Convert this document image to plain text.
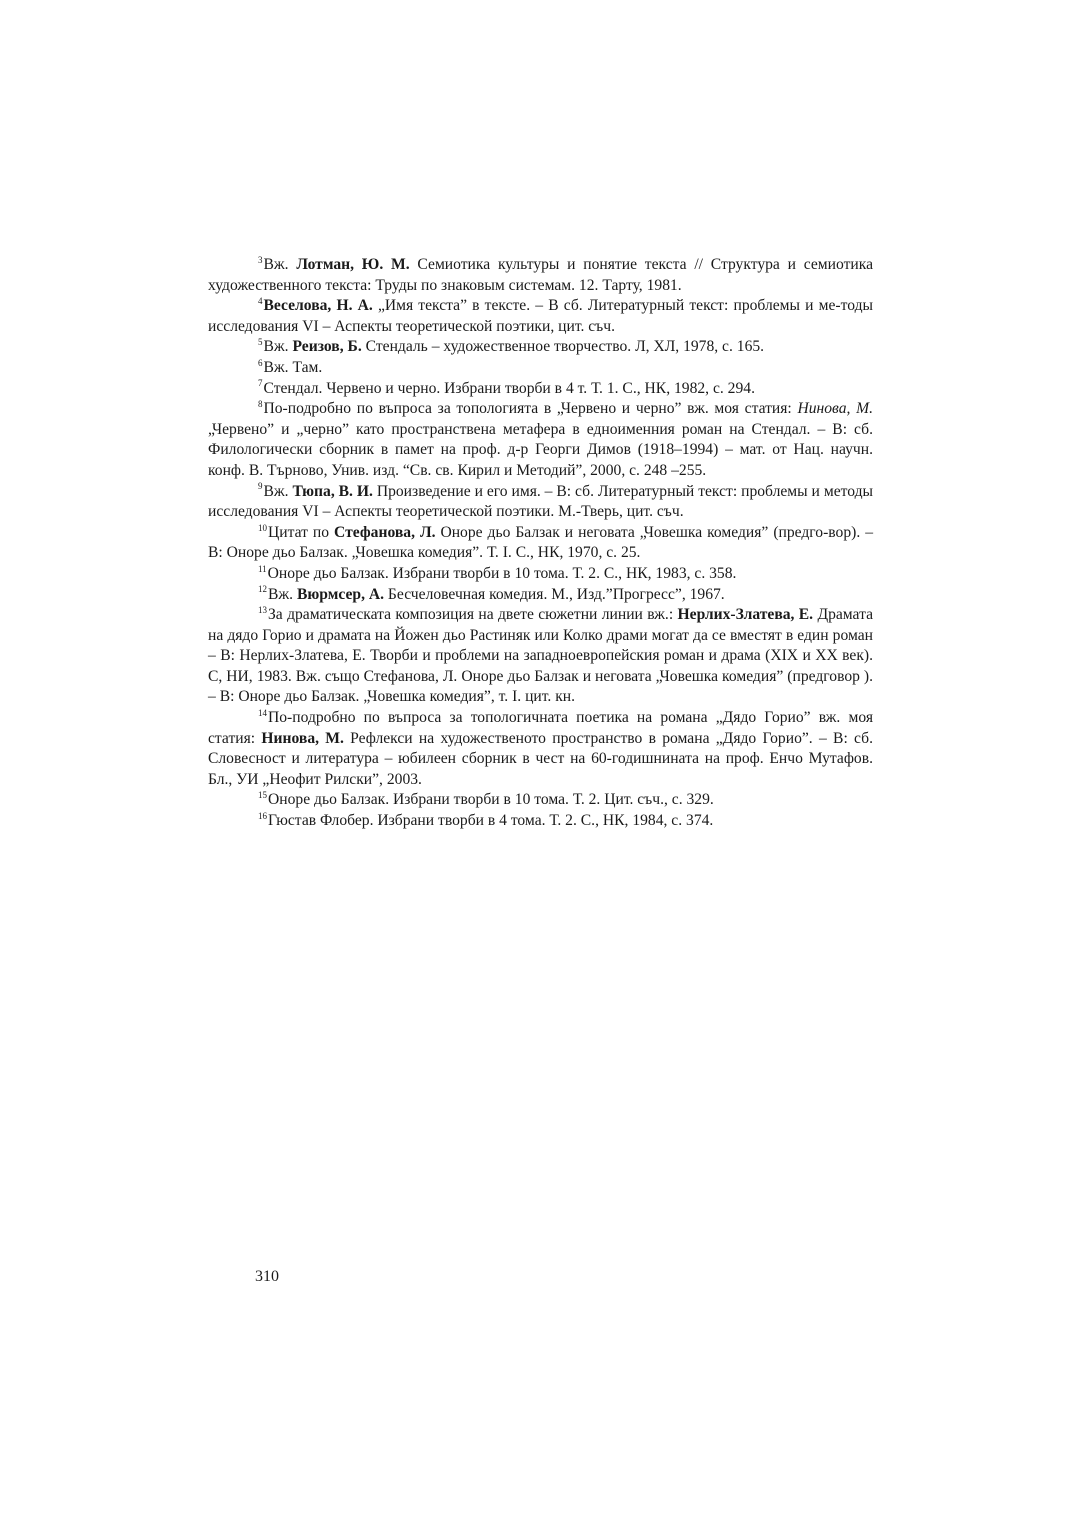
$^3$Вж. Лотман, Ю. М. Семиотика культуры и понятие текста // Структура и семиотика художественного текста: Труды по знаковым системам. 12. Тарту, 1981.

$^4$Веселова, Н. А. „Имя текста” в тексте. – В сб. Литературный текст: проблемы и ме-тоды исследования VI – Аспекты теоретической поэтики, цит. съч.

$^5$Вж. Реизов, Б. Стендаль – художественное творчество. Л, ХЛ, 1978, с. 165.

$^6$Вж. Там.

$^7$Стендал. Червено и черно. Избрани творби в 4 т. Т. 1. С., НК, 1982, с. 294.

$^8$По-подробно по въпроса за топологията в „Червено и черно” вж. моя статия: Нинова, М. „Червено” и „черно” като пространствена метафера в едноименния роман на Стендал. – В: сб. Филологически сборник в памет на проф. д-р Георги Димов (1918–1994) – мат. от Нац. научн. конф. В. Търново, Унив. изд. “Св. св. Кирил и Методий”, 2000, с. 248 –255.

$^9$Вж. Тюпа, В. И. Произведение и его имя. – В: сб. Литературный текст: проблемы и методы исследования VI – Аспекты теоретической поэтики. М.-Тверь, цит. съч.

$^{10}$Цитат по Стефанова, Л. Оноре дьо Балзак и неговата „Човешка комедия” (предго-вор). – В: Оноре дьо Балзак. „Човешка комедия”. Т. I. С., НК, 1970, с. 25.

$^{11}$Оноре дьо Балзак. Избрани творби в 10 тома. Т. 2. С., НК, 1983, с. 358.

$^{12}$Вж. Вюрмсер, А. Бесчеловечная комедия. М., Изд.”Прогресс”, 1967.

$^{13}$За драматическата композиция на двете сюжетни линии вж.: Нерлих-Златева, Е. Драмата на дядо Горио и драмата на Йожен дьо Растиняк или Колко драми могат да се вместят в един роман – В: Нерлих-Златева, Е. Творби и проблеми на западноевропейския роман и драма (XIX и XX век). С, НИ, 1983. Вж. също Стефанова, Л. Оноре дьо Балзак и неговата „Човешка комедия” (предговор ). – В: Оноре дьо Балзак. „Човешка комедия”, т. I. цит. кн.

$^{14}$По-подробно по въпроса за топологичната поетика на романа „Дядо Горио” вж. моя статия: Нинова, М. Рефлекси на художественото пространство в романа „Дядо Горио”. – В: сб. Словесност и литература – юбилеен сборник в чест на 60-годишнината на проф. Енчо Мутафов. Бл., УИ „Неофит Рилски”, 2003.

$^{15}$Оноре дьо Балзак. Избрани творби в 10 тома. Т. 2. Цит. съч., с. 329.

$^{16}$Гюстав Флобер. Избрани творби в 4 тома. Т. 2. С., НК, 1984, с. 374.

310
